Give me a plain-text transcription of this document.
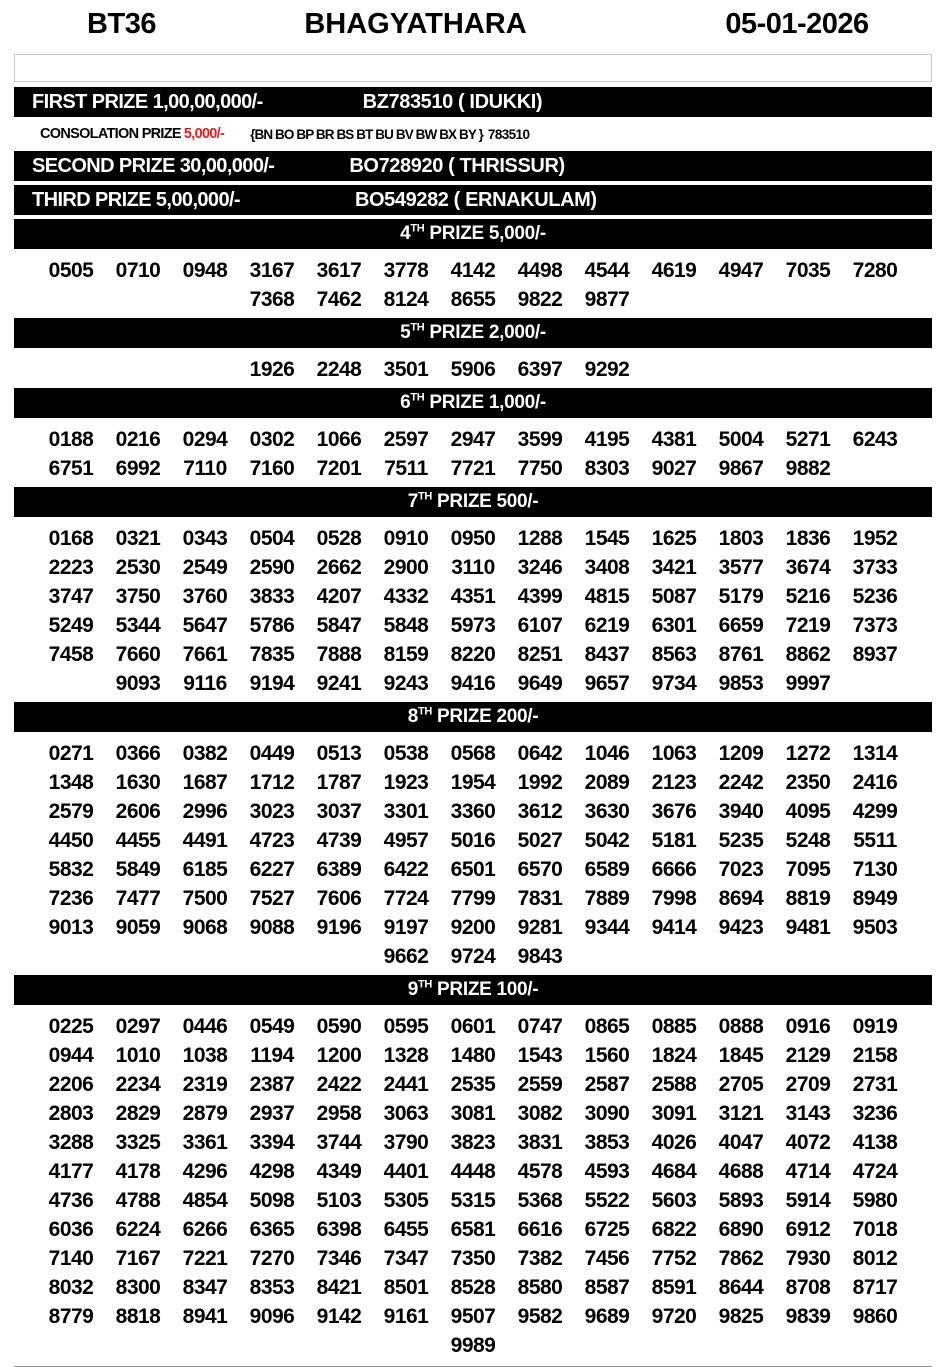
BT36	BHAGYATHARA	05-01-2026
FIRST PRIZE 1,00,00,000/-	BZ783510 ( IDUKKI)
CONSOLATION PRIZE 5,000/- {BN BO BP BR BS BT BU BV BW BX BY } 783510
SECOND PRIZE 30,00,000/-	BO728920 ( THRISSUR)
THIRD PRIZE 5,00,000/-	BO549282 ( ERNAKULAM)
4TH PRIZE 5,000/-
0505	0710	0948	3167	3617	3778	4142	4498	4544	4619	4947	7035	7280
7368	7462	8124	8655	9822	9877
5TH PRIZE 2,000/-
1926	2248	3501	5906	6397	9292
6TH PRIZE 1,000/-
0188	0216	0294	0302	1066	2597	2947	3599	4195	4381	5004	5271	6243
6751	6992	7110	7160	7201	7511	7721	7750	8303	9027	9867	9882
7TH PRIZE 500/-
0168	0321	0343	0504	0528	0910	0950	1288	1545	1625	1803	1836	1952
2223	2530	2549	2590	2662	2900	3110	3246	3408	3421	3577	3674	3733
3747	3750	3760	3833	4207	4332	4351	4399	4815	5087	5179	5216	5236
5249	5344	5647	5786	5847	5848	5973	6107	6219	6301	6659	7219	7373
7458	7660	7661	7835	7888	8159	8220	8251	8437	8563	8761	8862	8937
9093	9116	9194	9241	9243	9416	9649	9657	9734	9853	9997
8TH PRIZE 200/-
0271	0366	0382	0449	0513	0538	0568	0642	1046	1063	1209	1272	1314
1348	1630	1687	1712	1787	1923	1954	1992	2089	2123	2242	2350	2416
2579	2606	2996	3023	3037	3301	3360	3612	3630	3676	3940	4095	4299
4450	4455	4491	4723	4739	4957	5016	5027	5042	5181	5235	5248	5511
5832	5849	6185	6227	6389	6422	6501	6570	6589	6666	7023	7095	7130
7236	7477	7500	7527	7606	7724	7799	7831	7889	7998	8694	8819	8949
9013	9059	9068	9088	9196	9197	9200	9281	9344	9414	9423	9481	9503
9662	9724	9843
9TH PRIZE 100/-
0225	0297	0446	0549	0590	0595	0601	0747	0865	0885	0888	0916	0919
0944	1010	1038	1194	1200	1328	1480	1543	1560	1824	1845	2129	2158
2206	2234	2319	2387	2422	2441	2535	2559	2587	2588	2705	2709	2731
2803	2829	2879	2937	2958	3063	3081	3082	3090	3091	3121	3143	3236
3288	3325	3361	3394	3744	3790	3823	3831	3853	4026	4047	4072	4138
4177	4178	4296	4298	4349	4401	4448	4578	4593	4684	4688	4714	4724
4736	4788	4854	5098	5103	5305	5315	5368	5522	5603	5893	5914	5980
6036	6224	6266	6365	6398	6455	6581	6616	6725	6822	6890	6912	7018
7140	7167	7221	7270	7346	7347	7350	7382	7456	7752	7862	7930	8012
8032	8300	8347	8353	8421	8501	8528	8580	8587	8591	8644	8708	8717
8779	8818	8941	9096	9142	9161	9507	9582	9689	9720	9825	9839	9860
9989
